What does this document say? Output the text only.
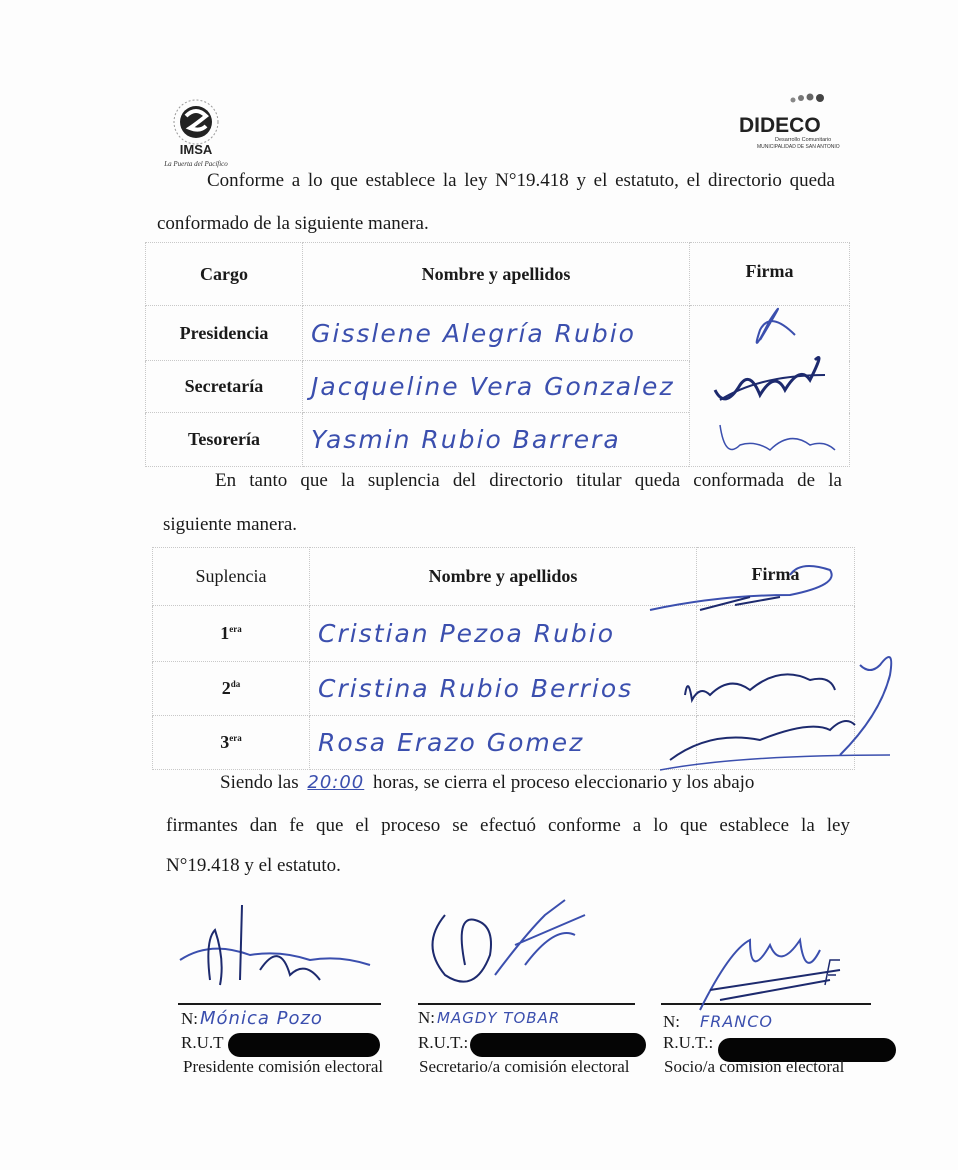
IMSA
La Puerta del Pacífico
DIDECO
Desarrollo Comunitario
MUNICIPALIDAD DE SAN ANTONIO
Conforme a lo que establece la ley N°19.418 y el estatuto, el directorio queda
conformado de la siguiente manera.
Cargo	Nombre y apellidos	Firma
Presidencia	Gisslene Alegría Rubio	
Secretaría	Jacqueline Vera Gonzalez	
Tesorería	Yasmin Rubio Barrera	
En tanto que la suplencia del directorio titular queda conformada de la
siguiente manera.
Suplencia	Nombre y apellidos	Firma
$1^{era}$	Cristian Pezoa Rubio	
$2^{da}$	Cristina Rubio Berrios	
$3^{era}$	Rosa Erazo Gomez	
Siendo las 20:00 horas, se cierra el proceso eleccionario y los abajo
firmantes dan fe que el proceso se efectuó conforme a lo que establece la ley
N°19.418 y el estatuto.
N: Mónica Pozo
R.U.T
Presidente comisión electoral
N: MAGDY TOBAR
R.U.T.:
Secretario/a comisión electoral
N: FRANCO
R.U.T.:
Socio/a comisión electoral
